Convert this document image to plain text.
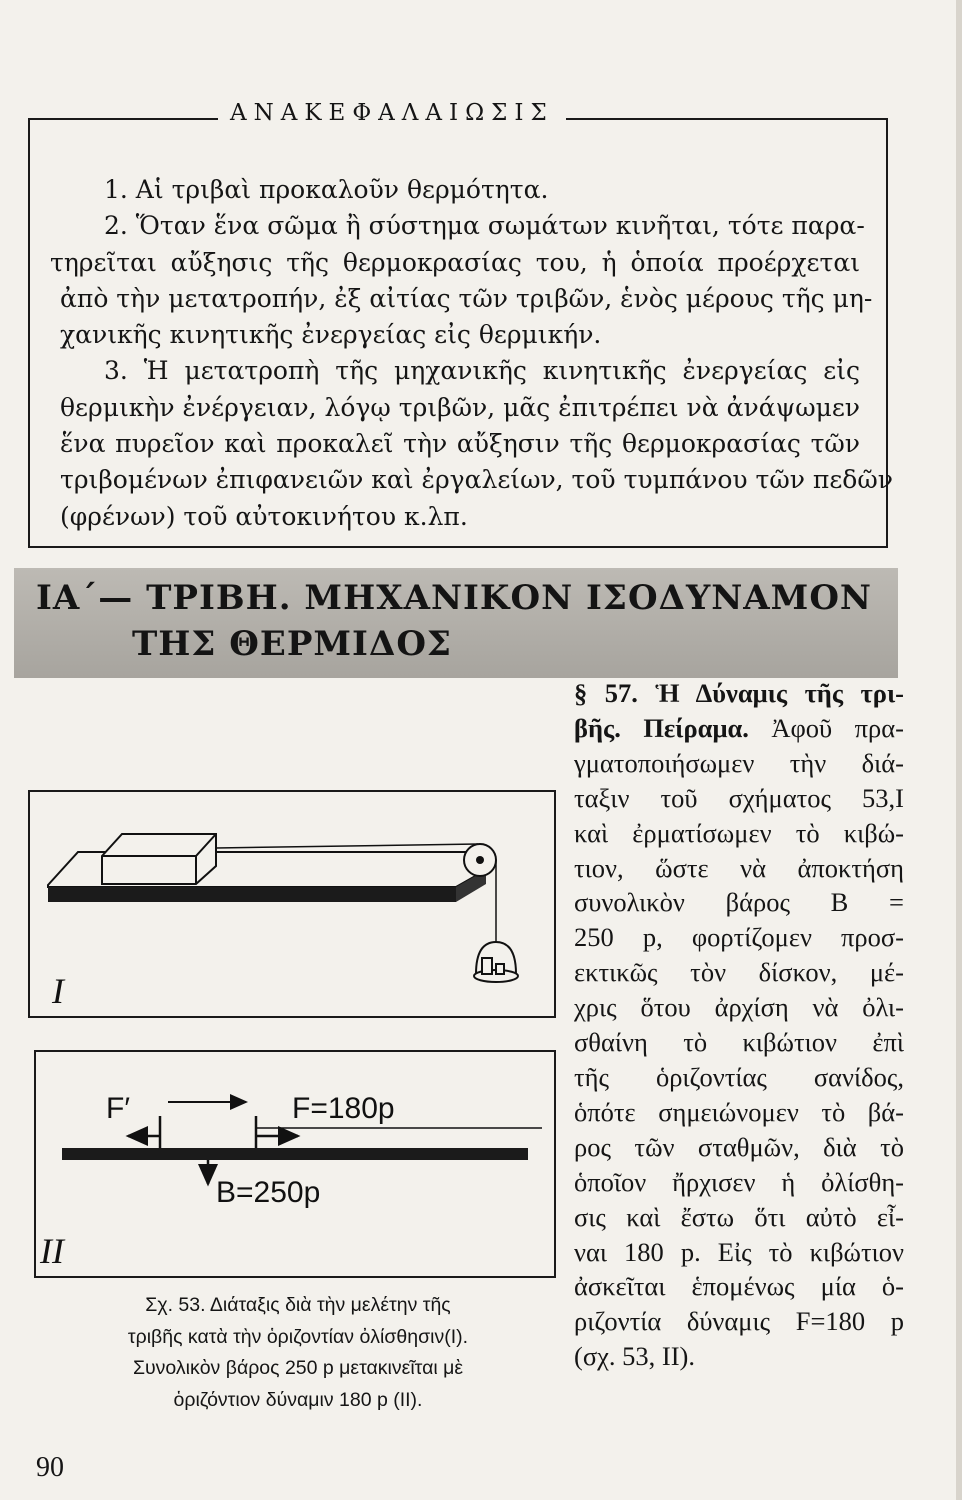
ΑΝΑΚΕΦΑΛΑΙΩΣΙΣ
1. Αἱ τριβαὶ προκαλοῦν θερμότητα.
2. Ὅταν ἕνα σῶμα ἢ σύστημα σωμάτων κινῆται, τότε παρα-
τηρεῖται αὔξησις τῆς θερμοκρασίας του, ἡ ὁποία προέρχεται
ἀπὸ τὴν μετατροπήν, ἐξ αἰτίας τῶν τριβῶν, ἑνὸς μέρους τῆς μη-
χανικῆς κινητικῆς ἐνεργείας εἰς θερμικήν.
3. Ἡ μετατροπὴ τῆς μηχανικῆς κινητικῆς ἐνεργείας εἰς
θερμικὴν ἐνέργειαν, λόγῳ τριβῶν, μᾶς ἐπιτρέπει νὰ ἀνάψωμεν
ἕνα πυρεῖον καὶ προκαλεῖ τὴν αὔξησιν τῆς θερμοκρασίας τῶν
τριβομένων ἐπιφανειῶν καὶ ἐργαλείων, τοῦ τυμπάνου τῶν πεδῶν
(φρένων) τοῦ αὐτοκινήτου κ.λπ.
ΙΑ΄— ΤΡΙΒΗ. ΜΗΧΑΝΙΚΟΝ ΙΣΟΔΥΝΑΜΟΝ
ΤΗΣ ΘΕΡΜΙΔΟΣ
§ 57. Ἡ Δύναμις τῆς τρι-
βῆς. Πείραμα. Ἀφοῦ πρα-
γματοποιήσωμεν τὴν διά-
ταξιν τοῦ σχήματος 53,I
καὶ ἐρματίσωμεν τὸ κιβώ-
τιον, ὥστε νὰ ἀποκτήση
συνολικὸν βάρος B =
250 p, φορτίζομεν προσ-
εκτικῶς τὸν δίσκον, μέ-
χρις ὅτου ἀρχίση νὰ ὀλι-
σθαίνη τὸ κιβώτιον ἐπὶ
τῆς ὁριζοντίας σανίδος,
ὁπότε σημειώνομεν τὸ βά-
ρος τῶν σταθμῶν, διὰ τὸ
ὁποῖον ἤρχισεν ἡ ὀλίσθη-
σις καὶ ἔστω ὅτι αὐτὸ εἶ-
ναι 180 p. Εἰς τὸ κιβώτιον
ἀσκεῖται ἑπομένως μία ὁ-
ριζοντία δύναμις F=180 p
(σχ. 53, II).
I
F′	F=180p
B=250p
II
Σχ. 53. Διάταξις διὰ τὴν μελέτην τῆς
τριβῆς κατὰ τὴν ὁριζοντίαν ὀλίσθησιν(I).
Συνολικὸν βάρος 250 p μετακινεῖται μὲ
ὁριζόντιον δύναμιν 180 p (II).
90
